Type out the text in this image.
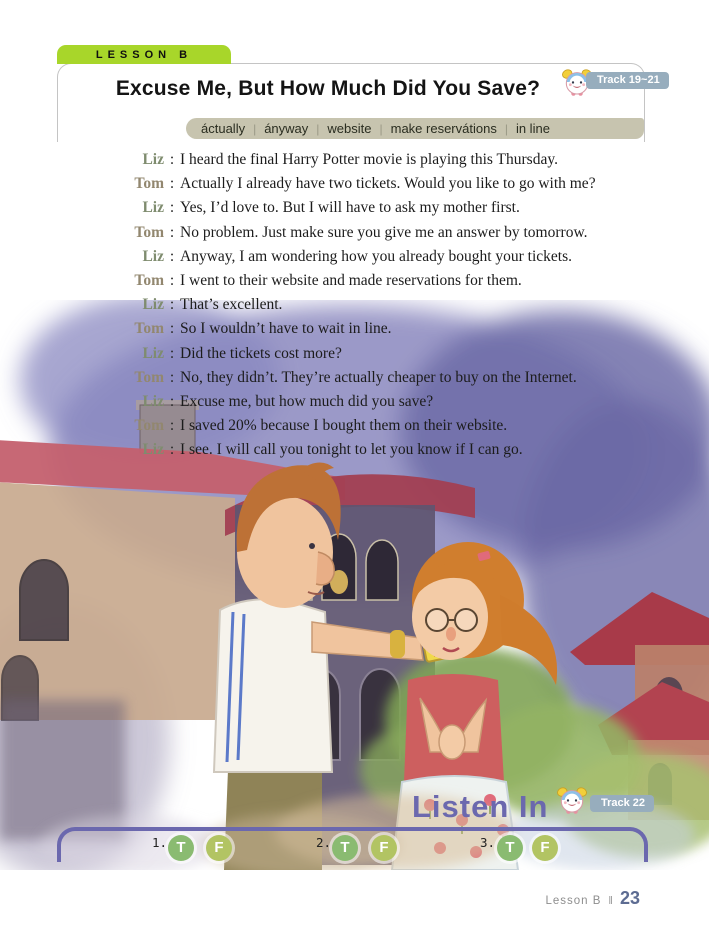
LESSON B
Excuse Me, But How Much Did You Save?	Track 19~21
áctually | ányway | website | make reservátions | in line
Liz : I heard the final Harry Potter movie is playing this Thursday.
Tom : Actually I already have two tickets. Would you like to go with me?
Liz : Yes, I’d love to. But I will have to ask my mother first.
Tom : No problem. Just make sure you give me an answer by tomorrow.
Liz : Anyway, I am wondering how you already bought your tickets.
Tom : I went to their website and made reservations for them.
Liz : That’s excellent.
Tom : So I wouldn’t have to wait in line.
Liz : Did the tickets cost more?
Tom : No, they didn’t. They’re actually cheaper to buy on the Internet.
Liz : Excuse me, but how much did you save?
Tom : I saved 20% because I bought them on their website.
Liz : I see. I will call you tonight to let you know if I can go.
Listen In	Track 22
1. T	F	2. T	F	3. T	F
Lesson B ‖ 23
